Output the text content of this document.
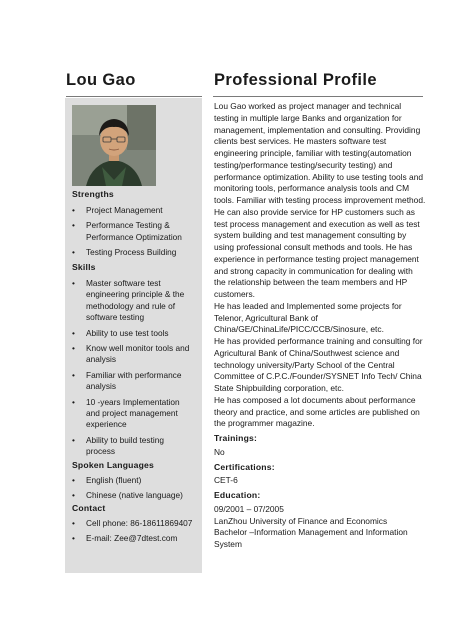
Lou Gao	Professional Profile
Strengths
• Project Management
• Performance Testing & Performance Optimization
• Testing Process Building
Skills
• Master software test engineering principle & the methodology and rule of software testing
• Ability to use test tools
• Know well monitor tools and analysis
• Familiar with performance analysis
• 10 -years Implementation and project management experience
• Ability to build testing process
Spoken Languages
• English (fluent)
• Chinese (native language)
Contact
• Cell phone: 86-18611869407
• E-mail: Zee@7dtest.com

Lou Gao worked as project manager and technical testing in multiple large Banks and organization for management, implementation and consulting. Providing clients best services. He masters software test engineering principle, familiar with testing(automation testing/performance testing/security testing) and performance optimization. Ability to use testing tools and monitoring tools, performance analysis tools and CM tools. Familiar with testing process improvement method.

He can also provide service for HP customers such as test process management and execution as well as test system building and test management consulting by using professional consult methods and tools. He has experience in performance testing project management and strong capacity in communication for dealing with the relationship between the team members and HP customers.

He has leaded and Implemented some projects for Telenor, Agricultural Bank of China/GE/ChinaLife/PICC/CCB/Sinosure, etc.

He has provided performance training and consulting for Agricultural Bank of China/Southwest science and technology university/Party School of the Central Committee of C.P.C./Founder/SYSNET Info Tech/ China State Shipbuilding corporation, etc.

He has composed a lot documents about performance theory and practice, and some articles are published on the programmer magazine.

Trainings:

No

Certifications:

CET-6

Education:

09/2001 – 07/2005

LanZhou University of Finance and Economics

Bachelor –Information Management and Information System
